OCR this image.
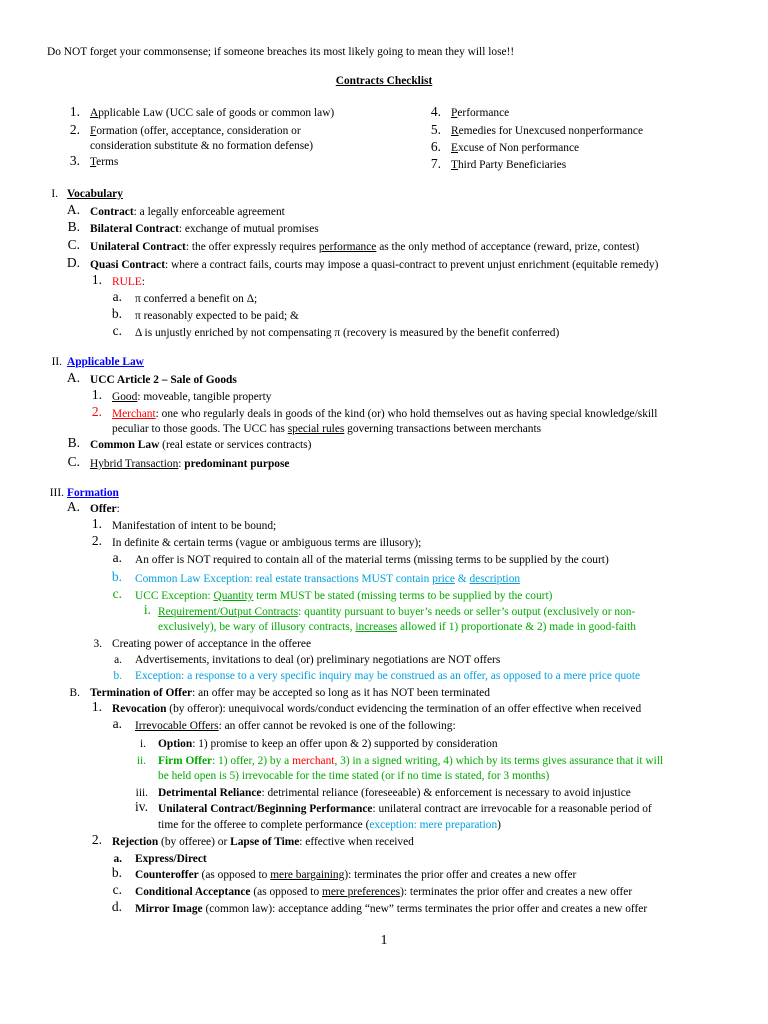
Do NOT forget your commonsense; if someone breaches its most likely going to mean they will lose!!
Contracts Checklist
1. Applicable Law (UCC sale of goods or common law)
2. Formation (offer, acceptance, consideration or
consideration substitute & no formation defense)
3. Terms
4. Performance
5. Remedies for Unexcused nonperformance
6. Excuse of Non performance
7. Third Party Beneficiaries
I. Vocabulary
A. Contract: a legally enforceable agreement
B. Bilateral Contract: exchange of mutual promises
C. Unilateral Contract: the offer expressly requires performance as the only method of acceptance (reward, prize, contest)
D. Quasi Contract: where a contract fails, courts may impose a quasi-contract to prevent unjust enrichment (equitable remedy)
1. RULE:
a. π conferred a benefit on Δ;
b. π reasonably expected to be paid; &
c. Δ is unjustly enriched by not compensating π (recovery is measured by the benefit conferred)
II. Applicable Law
A. UCC Article 2 – Sale of Goods
1. Good: moveable, tangible property
2. Merchant: one who regularly deals in goods of the kind (or) who hold themselves out as having special knowledge/skill
peculiar to those goods. The UCC has special rules governing transactions between merchants
B. Common Law (real estate or services contracts)
C. Hybrid Transaction: predominant purpose
III. Formation
A. Offer:
1. Manifestation of intent to be bound;
2. In definite & certain terms (vague or ambiguous terms are illusory);
a. An offer is NOT required to contain all of the material terms (missing terms to be supplied by the court)
b. Common Law Exception: real estate transactions MUST contain price & description
c. UCC Exception: Quantity term MUST be stated (missing terms to be supplied by the court)
i. Requirement/Output Contracts: quantity pursuant to buyer’s needs or seller’s output (exclusively or non-
exclusively), be wary of illusory contracts, increases allowed if 1) proportionate & 2) made in good-faith
3. Creating power of acceptance in the offeree
a. Advertisements, invitations to deal (or) preliminary negotiations are NOT offers
b. Exception: a response to a very specific inquiry may be construed as an offer, as opposed to a mere price quote
B. Termination of Offer: an offer may be accepted so long as it has NOT been terminated
1. Revocation (by offeror): unequivocal words/conduct evidencing the termination of an offer effective when received
a. Irrevocable Offers: an offer cannot be revoked is one of the following:
i. Option: 1) promise to keep an offer upon & 2) supported by consideration
ii. Firm Offer: 1) offer, 2) by a merchant, 3) in a signed writing, 4) which by its terms gives assurance that it will
be held open is 5) irrevocable for the time stated (or if no time is stated, for 3 months)
iii. Detrimental Reliance: detrimental reliance (foreseeable) & enforcement is necessary to avoid injustice
iv. Unilateral Contract/Beginning Performance: unilateral contract are irrevocable for a reasonable period of
time for the offeree to complete performance (exception: mere preparation)
2. Rejection (by offeree) or Lapse of Time: effective when received
a. Express/Direct
b. Counteroffer (as opposed to mere bargaining): terminates the prior offer and creates a new offer
c. Conditional Acceptance (as opposed to mere preferences): terminates the prior offer and creates a new offer
d. Mirror Image (common law): acceptance adding “new” terms terminates the prior offer and creates a new offer
1
